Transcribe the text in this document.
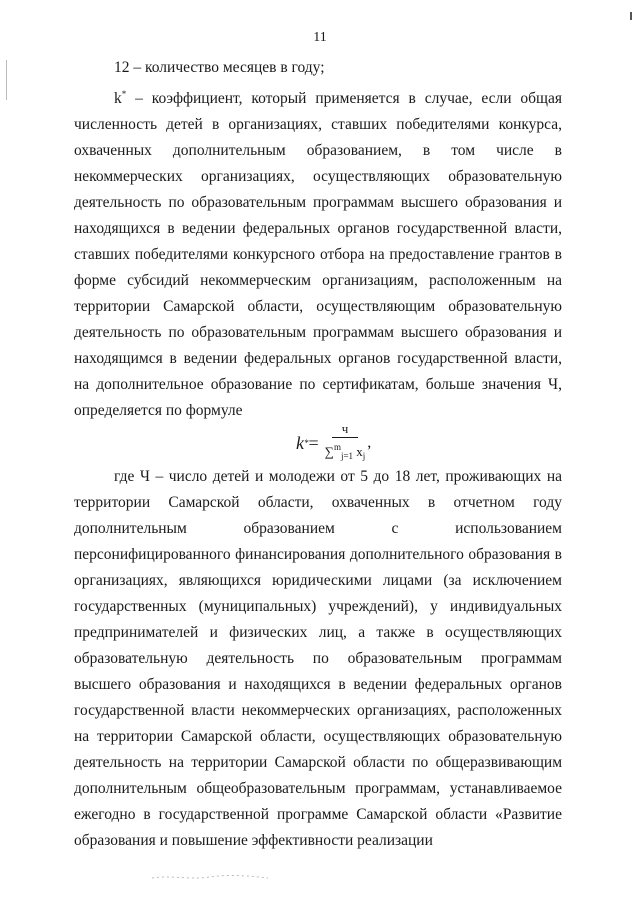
11

12 – количество месяцев в году;

k* – коэффициент, который применяется в случае, если общая численность детей в организациях, ставших победителями конкурса, охваченных дополнительным образованием, в том числе в некоммерческих организациях, осуществляющих образовательную деятельность по образовательным программам высшего образования и находящихся в ведении федеральных органов государственной власти, ставших победителями конкурсного отбора на предоставление грантов в форме субсидий некоммерческим организациям, расположенным на территории Самарской области, осуществляющим образовательную деятельность по образовательным программам высшего образования и находящимся в ведении федеральных органов государственной власти, на дополнительное образование по сертификатам, больше значения Ч, определяется по формуле

k * = $\frac{ч}{\sum^m_{j=1} x_j}$ ,

где Ч – число детей и молодежи от 5 до 18 лет, проживающих на территории Самарской области, охваченных в отчетном году дополнительным образованием с использованием персонифицированного финансирования дополнительного образования в организациях, являющихся юридическими лицами (за исключением государственных (муниципальных) учреждений), у индивидуальных предпринимателей и физических лиц, а также в осуществляющих образовательную деятельность по образовательным программам высшего образования и находящихся в ведении федеральных органов государственной власти некоммерческих организациях, расположенных на территории Самарской области, осуществляющих образовательную деятельность на территории Самарской области по общеразвивающим дополнительным общеобразовательным программам, устанавливаемое ежегодно в государственной программе Самарской области «Развитие образования и повышение эффективности реализации
